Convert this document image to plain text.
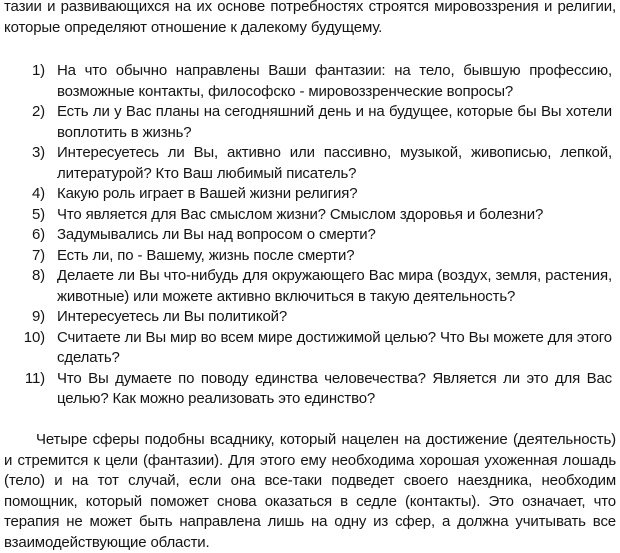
тазии и развивающихся на их основе потребностях строятся мировоззрения и религии, которые определяют отношение к далекому будущему.

1) На что обычно направлены Ваши фантазии: на тело, бывшую профессию, возможные контакты, философско - мировоззренческие вопросы?
2) Есть ли у Вас планы на сегодняшний день и на будущее, которые бы Вы хотели воплотить в жизнь?
3) Интересуетесь ли Вы, активно или пассивно, музыкой, живописью, лепкой, литературой? Кто Ваш любимый писатель?
4) Какую роль играет в Вашей жизни религия?
5) Что является для Вас смыслом жизни? Смыслом здоровья и болезни?
6) Задумывались ли Вы над вопросом о смерти?
7) Есть ли, по - Вашему, жизнь после смерти?
8) Делаете ли Вы что-нибудь для окружающего Вас мира (воздух, земля, растения, животные) или можете активно включиться в такую деятельность?
9) Интересуетесь ли Вы политикой?
10) Считаете ли Вы мир во всем мире достижимой целью? Что Вы можете для этого сделать?
11) Что Вы думаете по поводу единства человечества? Является ли это для Вас целью? Как можно реализовать это единство?

Четыре сферы подобны всаднику, который нацелен на достижение (деятельность) и стремится к цели (фантазии). Для этого ему необходима хорошая ухоженная лошадь (тело) и на тот случай, если она все-таки подведет своего наездника, необходим помощник, который поможет снова оказаться в седле (контакты). Это означает, что терапия не может быть направлена лишь на одну из сфер, а должна учитывать все взаимодействующие области.
